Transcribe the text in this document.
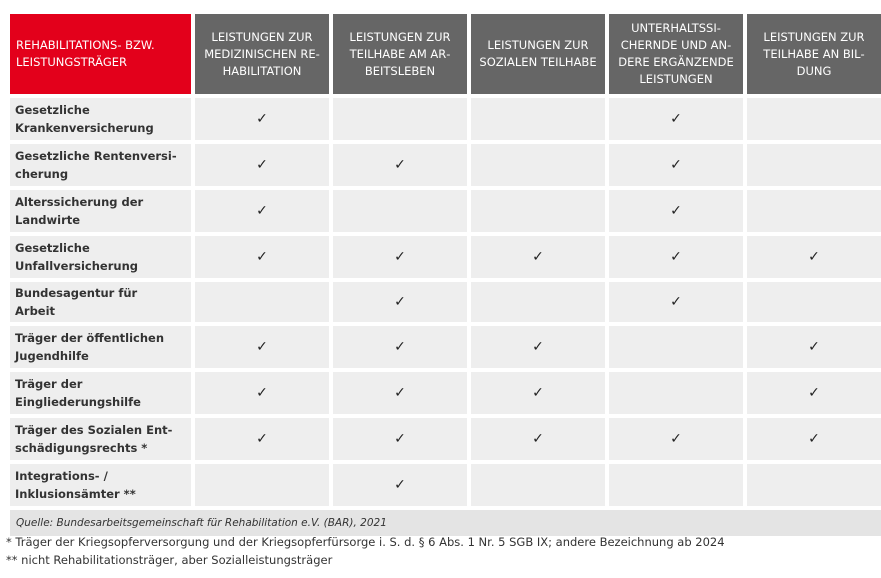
REHABILITATIONS- BZW. LEISTUNGSTRÄGER	LEISTUNGEN ZUR MEDIZINISCHEN REHABILITATION	LEISTUNGEN ZUR TEILHABE AM ARBEITSLEBEN	LEISTUNGEN ZUR SOZIALEN TEILHABE	UNTERHALTSSICHERNDE UND ANDERE ERGÄNZENDE LEISTUNGEN	LEISTUNGEN ZUR TEILHABE AN BILDUNG
Gesetzliche Krankenversicherung	✓			✓	
Gesetzliche Rentenversicherung	✓	✓		✓	
Alterssicherung der Landwirte	✓			✓	
Gesetzliche Unfallversicherung	✓	✓	✓	✓	✓
Bundesagentur für Arbeit		✓		✓	
Träger der öffentlichen Jugendhilfe	✓	✓	✓		✓
Träger der Eingliederungshilfe	✓	✓	✓		✓
Träger des Sozialen Entschädigungsrechts *	✓	✓	✓	✓	✓
Integrations- / Inklusionsämter **		✓			
Quelle: Bundesarbeitsgemeinschaft für Rehabilitation e.V. (BAR), 2021					
* Träger der Kriegsopferversorgung und der Kriegsopferfürsorge i. S. d. § 6 Abs. 1 Nr. 5 SGB IX; andere Bezeichnung ab 2024
** nicht Rehabilitationsträger, aber Sozialleistungsträger
